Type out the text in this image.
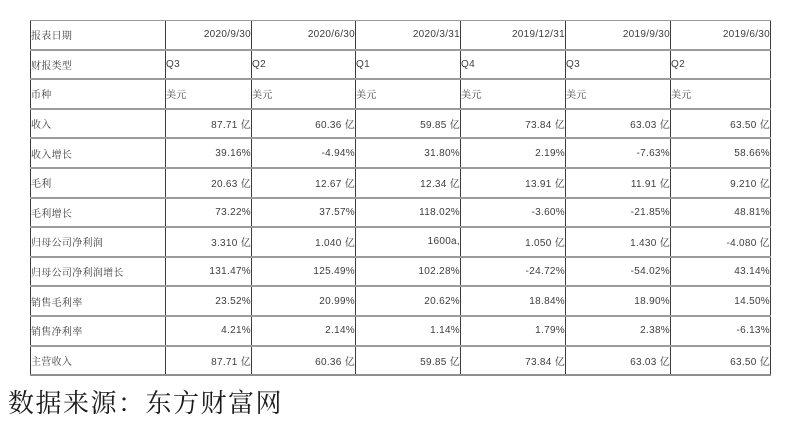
报表日期	2020/9/30	2020/6/30	2020/3/31	2019/12/31	2019/9/30	2019/6/30
财报类型	Q3	Q2	Q1	Q4	Q3	Q2
币种	美元	美元	美元	美元	美元	美元
收入	87.71 亿	60.36 亿	59.85 亿	73.84 亿	63.03 亿	63.50 亿
收入增长	39.16%	-4.94%	31.80%	2.19%	-7.63%	58.66%
毛利	20.63 亿	12.67 亿	12.34 亿	13.91 亿	11.91 亿	9.210 亿
毛利增长	73.22%	37.57%	118.02%	-3.60%	-21.85%	48.81%
归母公司净利润	3.310 亿	1.040 亿	1600a,	1.050 亿	1.430 亿	-4.080 亿
归母公司净利润增长	131.47%	125.49%	102.28%	-24.72%	-54.02%	43.14%
销售毛利率	23.52%	20.99%	20.62%	18.84%	18.90%	14.50%
销售净利率	4.21%	2.14%	1.14%	1.79%	2.38%	-6.13%
主营收入	87.71 亿	60.36 亿	59.85 亿	73.84 亿	63.03 亿	63.50 亿
数据来源：东方财富网
